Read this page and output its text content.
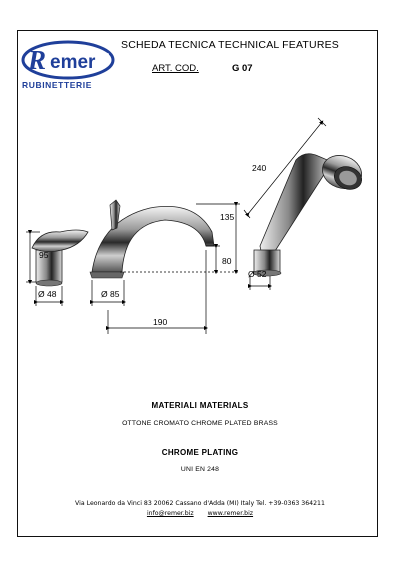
R emer
RUBINETTERIE
SCHEDA TECNICA TECHNICAL FEATURES
ART. COD.	G 07
240
135
95
80
Ø 48	Ø 85
Ø 52
190
MATERIALI MATERIALS
OTTONE CROMATO CHROME PLATED BRASS
CHROME PLATING
UNI EN 248
Via Leonardo da Vinci 83 20062 Cassano d'Adda (MI) Italy Tel. +39-0363 364211
info@remer.biz www.remer.biz
